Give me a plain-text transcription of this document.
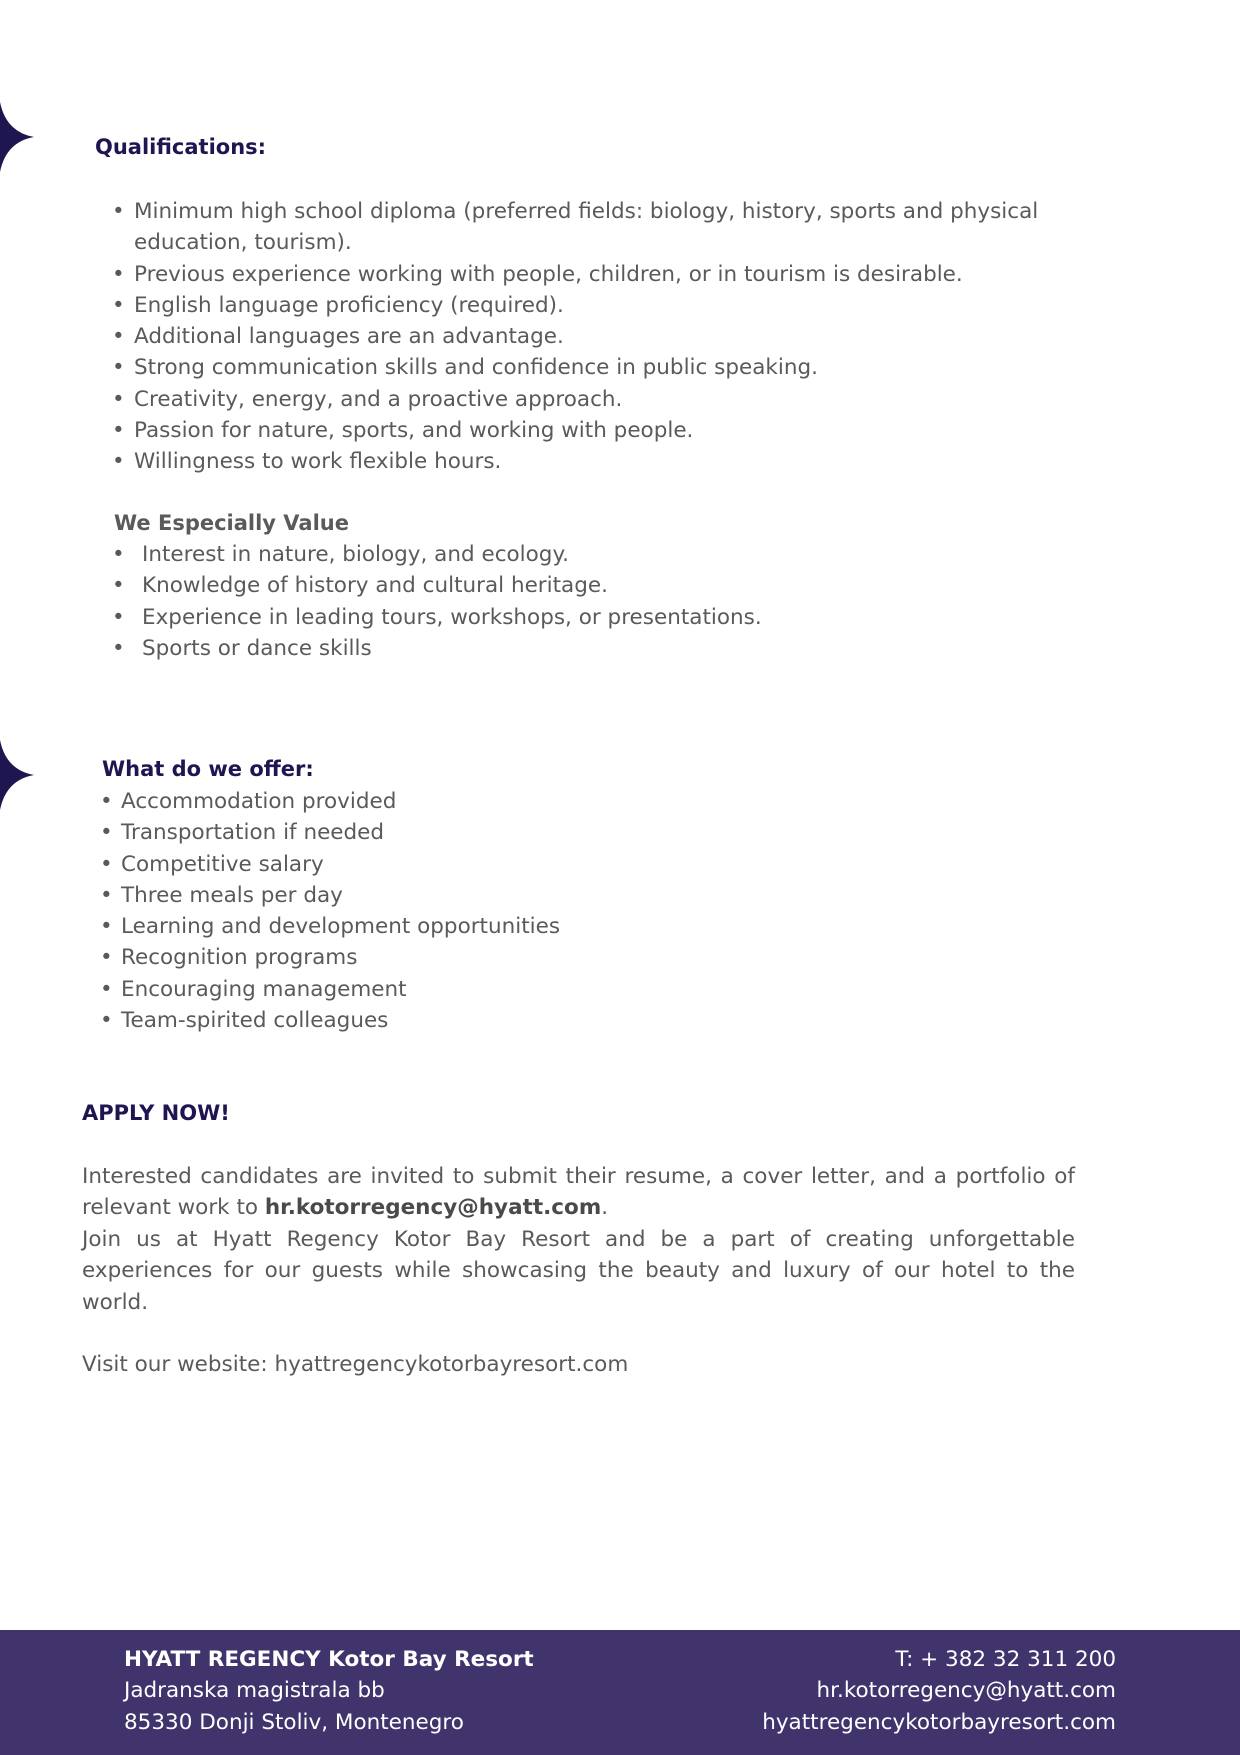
Qualifications:
• Minimum high school diploma (preferred fields: biology, history, sports and physical education, tourism).
• Previous experience working with people, children, or in tourism is desirable.
• English language proficiency (required).
• Additional languages are an advantage.
• Strong communication skills and confidence in public speaking.
• Creativity, energy, and a proactive approach.
• Passion for nature, sports, and working with people.
• Willingness to work flexible hours.
We Especially Value
• Interest in nature, biology, and ecology.
• Knowledge of history and cultural heritage.
• Experience in leading tours, workshops, or presentations.
• Sports or dance skills
What do we offer:
• Accommodation provided
• Transportation if needed
• Competitive salary
• Three meals per day
• Learning and development opportunities
• Recognition programs
• Encouraging management
• Team-spirited colleagues
APPLY NOW!

Interested candidates are invited to submit their resume, a cover letter, and a portfolio of relevant work to hr.kotorregency@hyatt.com.

Join us at Hyatt Regency Kotor Bay Resort and be a part of creating unforgettable experiences for our guests while showcasing the beauty and luxury of our hotel to the world.

Visit our website: hyattregencykotorbayresort.com

HYATT REGENCY Kotor Bay Resort
Jadranska magistrala bb
85330 Donji Stoliv, Montenegro
T: + 382 32 311 200
hr.kotorregency@hyatt.com
hyattregencykotorbayresort.com
